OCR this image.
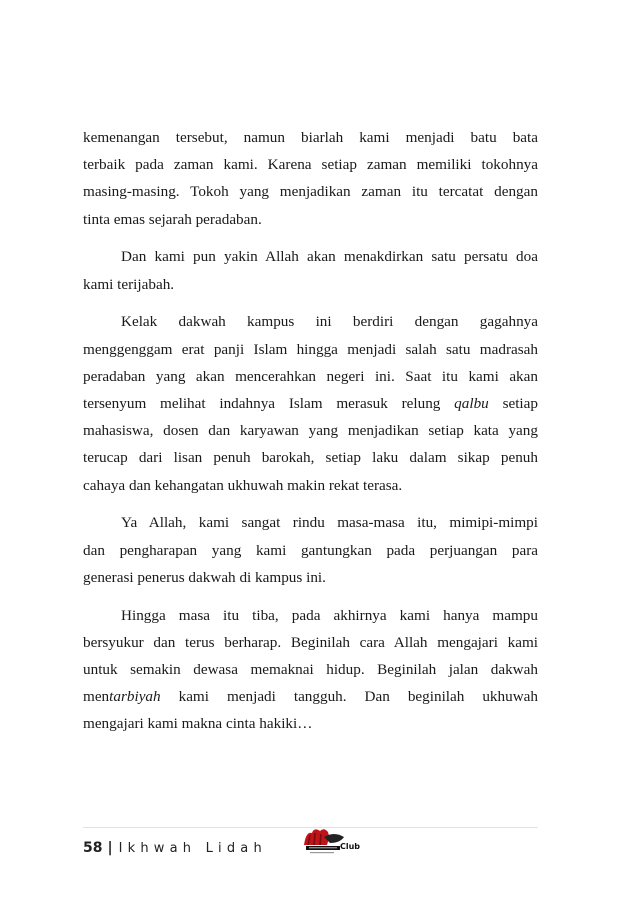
kemenangan tersebut, namun biarlah kami menjadi batu bata
terbaik pada zaman kami. Karena setiap zaman memiliki tokohnya
masing-masing. Tokoh yang menjadikan zaman itu tercatat dengan
tinta emas sejarah peradaban.

Dan kami pun yakin Allah akan menakdirkan satu persatu doa
kami terijabah.

Kelak dakwah kampus ini berdiri dengan gagahnya
menggenggam erat panji Islam hingga menjadi salah satu madrasah
peradaban yang akan mencerahkan negeri ini. Saat itu kami akan
tersenyum melihat indahnya Islam merasuk relung qalbu setiap
mahasiswa, dosen dan karyawan yang menjadikan setiap kata yang
terucap dari lisan penuh barokah, setiap laku dalam sikap penuh
cahaya dan kehangatan ukhuwah makin rekat terasa.

Ya Allah, kami sangat rindu masa-masa itu, mimipi-mimpi
dan pengharapan yang kami gantungkan pada perjuangan para
generasi penerus dakwah di kampus ini.

Hingga masa itu tiba, pada akhirnya kami hanya mampu
bersyukur dan terus berharap. Beginilah cara Allah mengajari kami
untuk semakin dewasa memaknai hidup. Beginilah jalan dakwah
mentarbiyah kami menjadi tangguh. Dan beginilah ukhuwah
mengajari kami makna cinta hakiki…

58 | Ikhwah Lidah	Club
